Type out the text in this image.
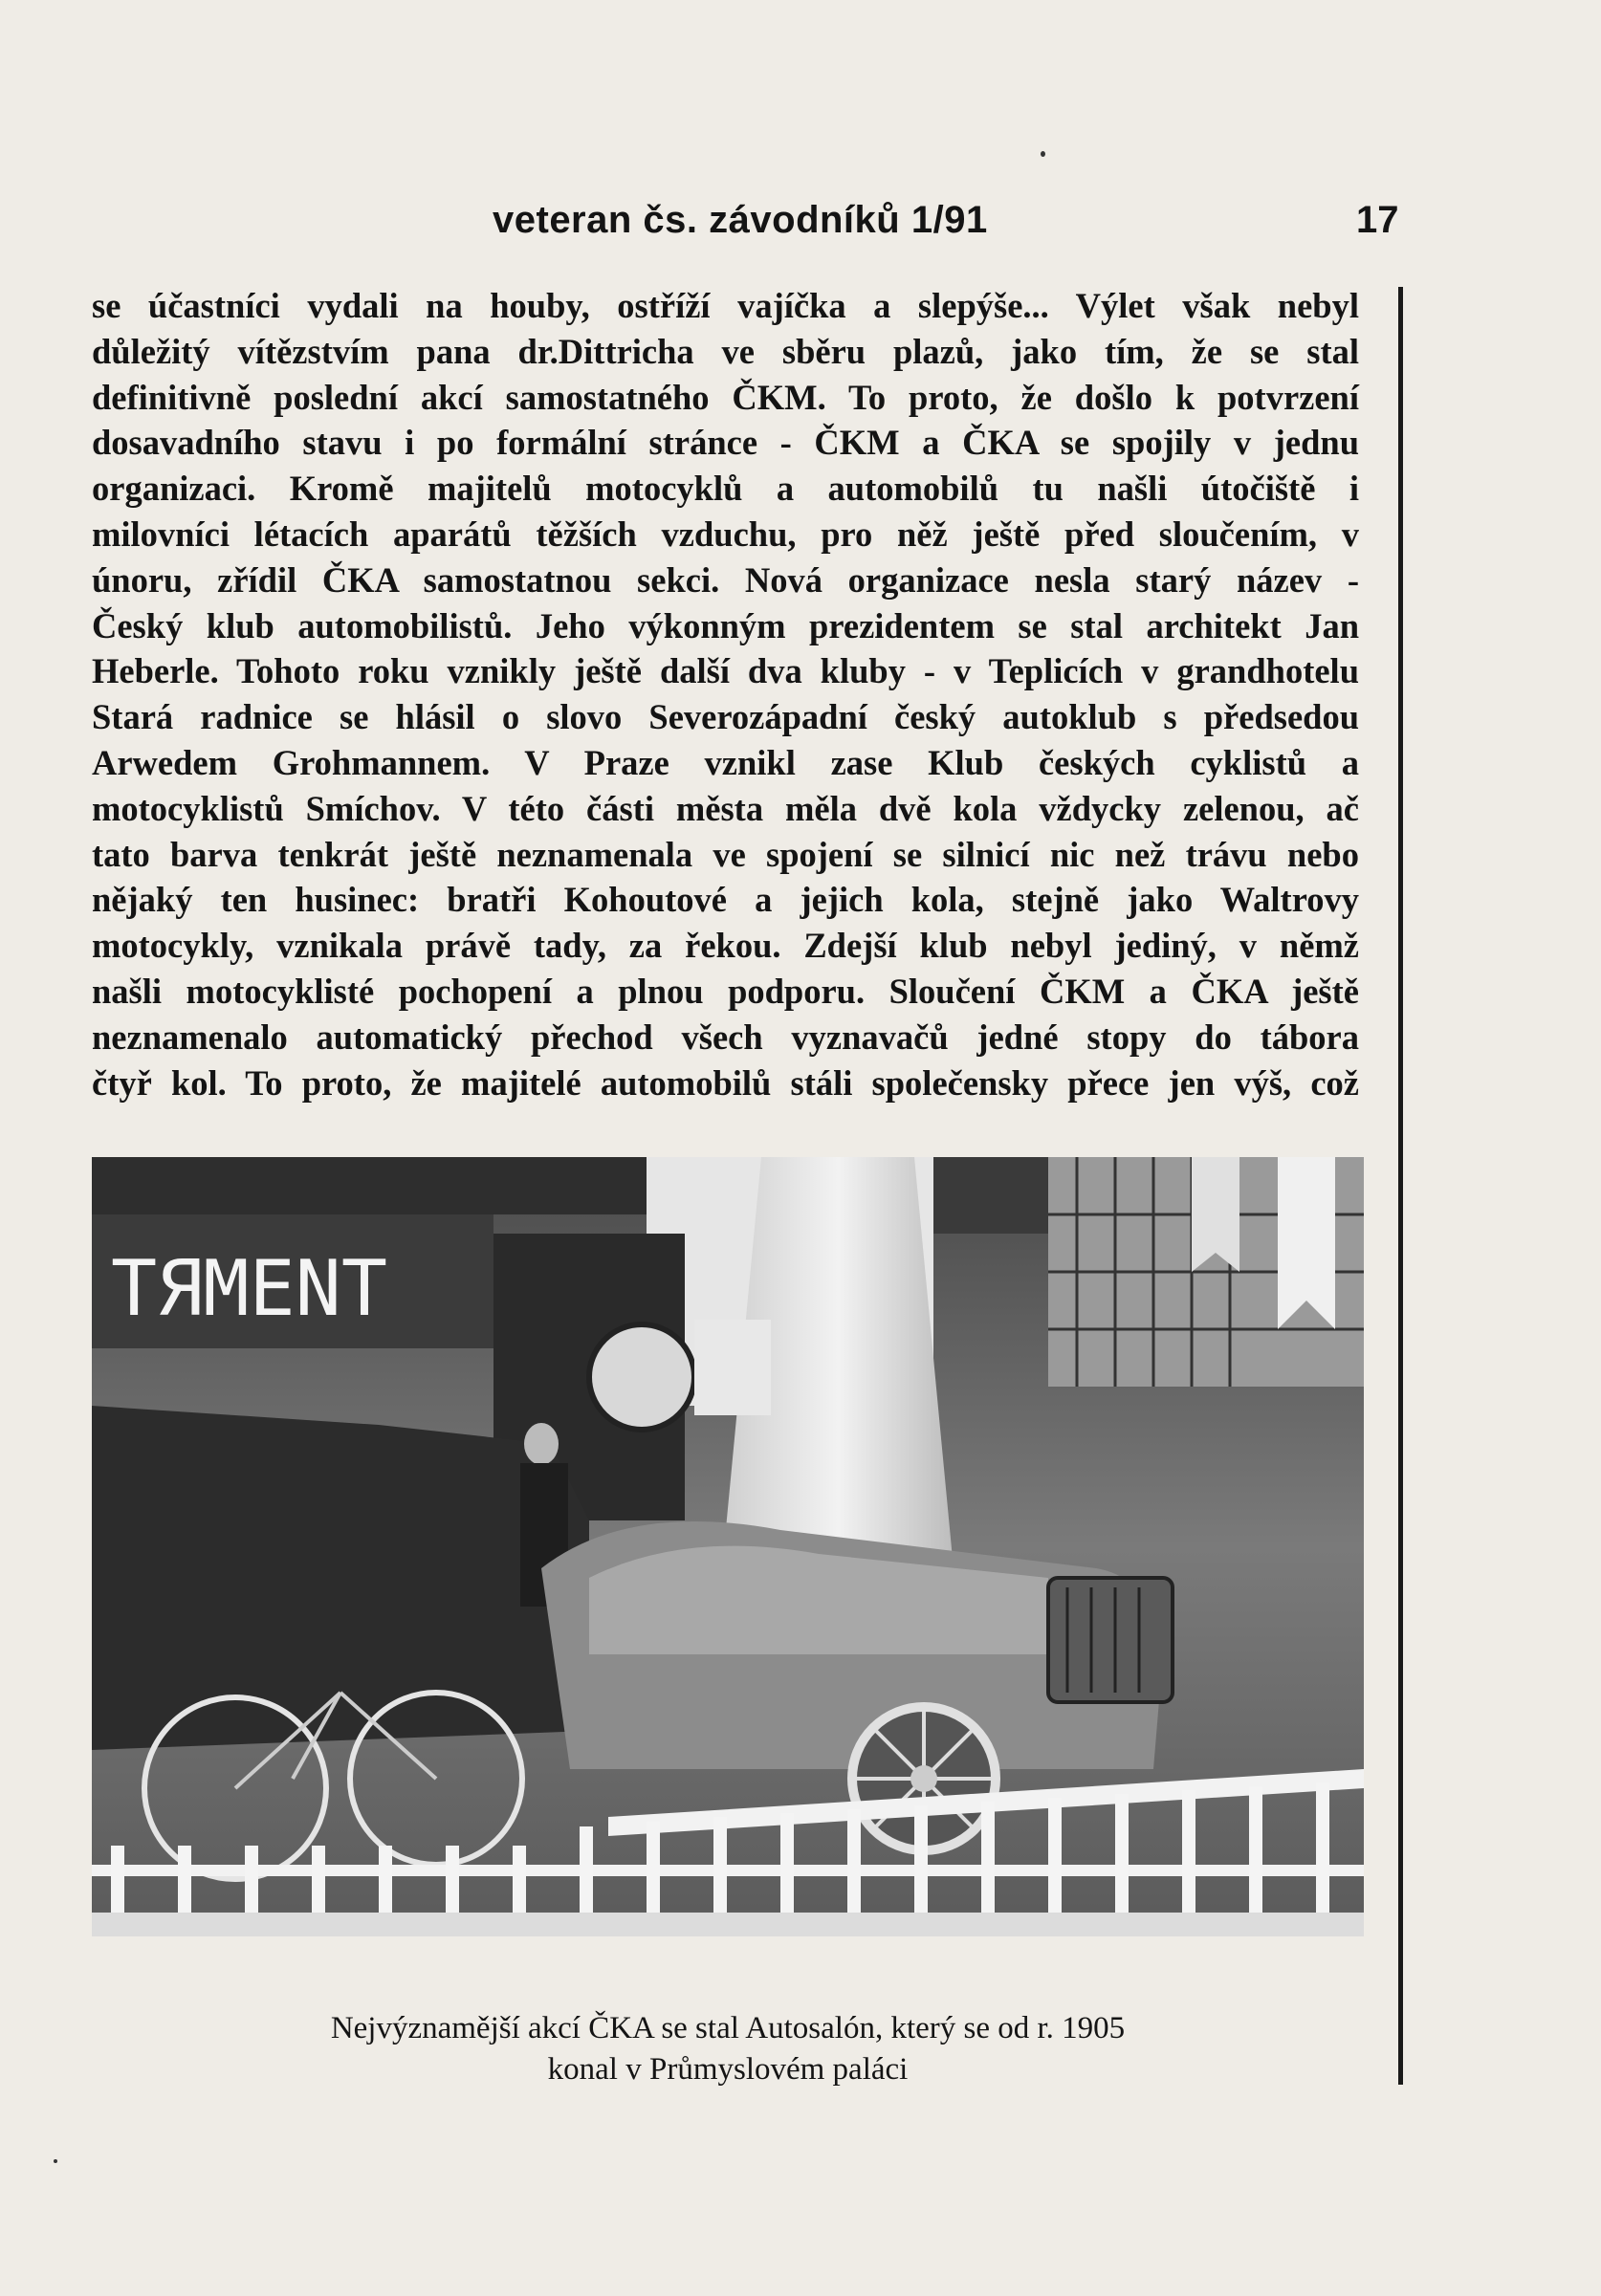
veteran čs. závodníků 1/91	17
se účastníci vydali na houby, ostříží vajíčka a slepýše... Výlet však nebyl
důležitý vítězstvím pana dr.Dittricha ve sběru plazů, jako tím, že se stal
definitivně poslední akcí samostatného ČKM. To proto, že došlo k potvrzení
dosavadního stavu i po formální stránce - ČKM a ČKA se spojily v jednu
organizaci. Kromě majitelů motocyklů a automobilů tu našli útočiště i
milovníci létacích aparátů těžších vzduchu, pro něž ještě před sloučením, v
únoru, zřídil ČKA samostatnou sekci. Nová organizace nesla starý název -
Český klub automobilistů. Jeho výkonným prezidentem se stal architekt Jan
Heberle. Tohoto roku vznikly ještě další dva kluby - v Teplicích v grandhotelu
Stará radnice se hlásil o slovo Severozápadní český autoklub s předsedou
Arwedem Grohmannem. V Praze vznikl zase Klub českých cyklistů a
motocyklistů Smíchov. V této části města měla dvě kola vždycky zelenou, ač
tato barva tenkrát ještě neznamenala ve spojení se silnicí nic než trávu nebo
nějaký ten husinec: bratři Kohoutové a jejich kola, stejně jako Waltrovy
motocykly, vznikala právě tady, za řekou. Zdejší klub nebyl jediný, v němž
našli motocyklisté pochopení a plnou podporu. Sloučení ČKM a ČKA ještě
neznamenalo automatický přechod všech vyznavačů jedné stopy do tábora
čtyř kol. To proto, že majitelé automobilů stáli společensky přece jen výš, což
TЯMENT
Nejvýznamější akcí ČKA se stal Autosalón, který se od r. 1905
konal v Průmyslovém paláci
